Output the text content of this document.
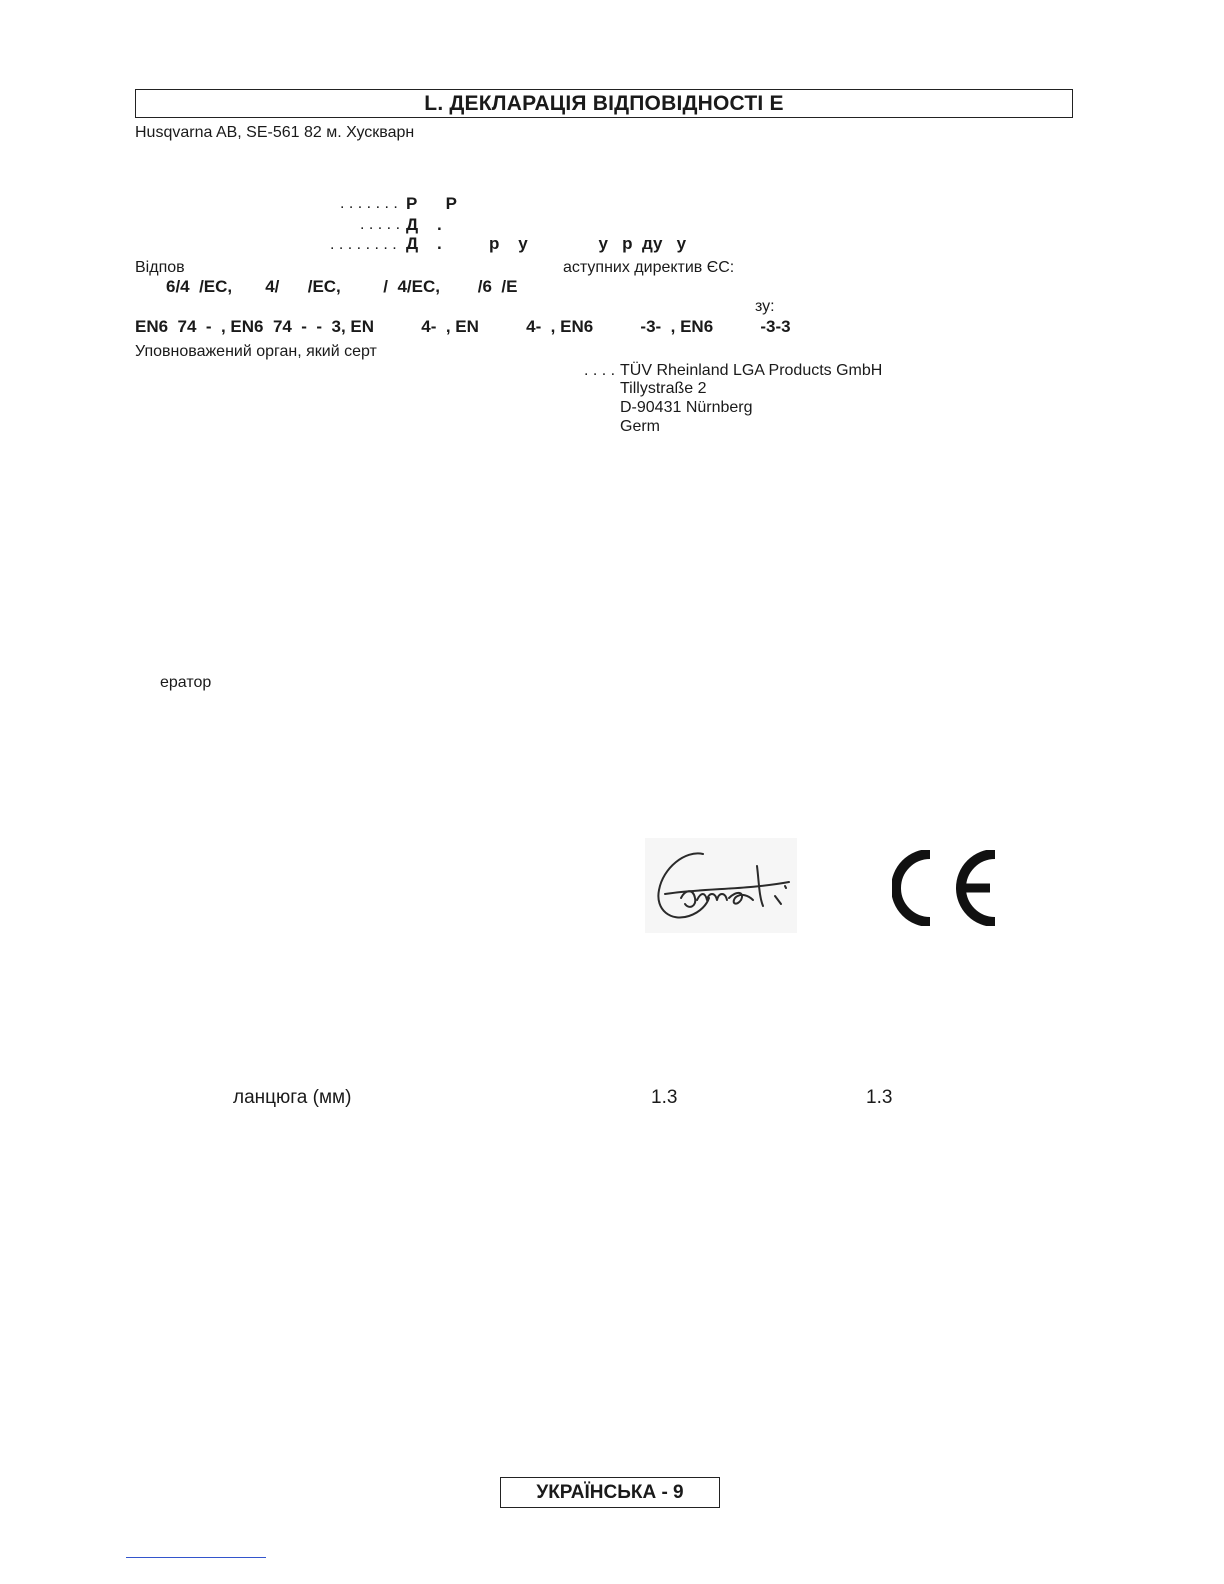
L. ДЕКЛАРАЦІЯ ВІДПОВІДНОСТІ Е
Husqvarna AB, SE-561 82 м. Хускварн
. . . . . . . Р      Р
. . . . . Д    .
. . . . . . . . Д    .          р    у               у   р  ду   у
Відпов	аступних директив ЄС:
6/4  /EC,       4/      /EC,         /  4/EC,        /6  /E
зу:
EN6  74  -  , EN6  74  -  -  3, EN          4-  , EN          4-  , EN6          -3-  , EN6          -3-3
Уповноважений орган, який серт
. . . . TÜV Rheinland LGA Products GmbH
Tillystraße 2
D-90431 Nürnberg
Germ
ератор
ланцюга (мм)	1.3	1.3
УКРАЇНСЬКА - 9
